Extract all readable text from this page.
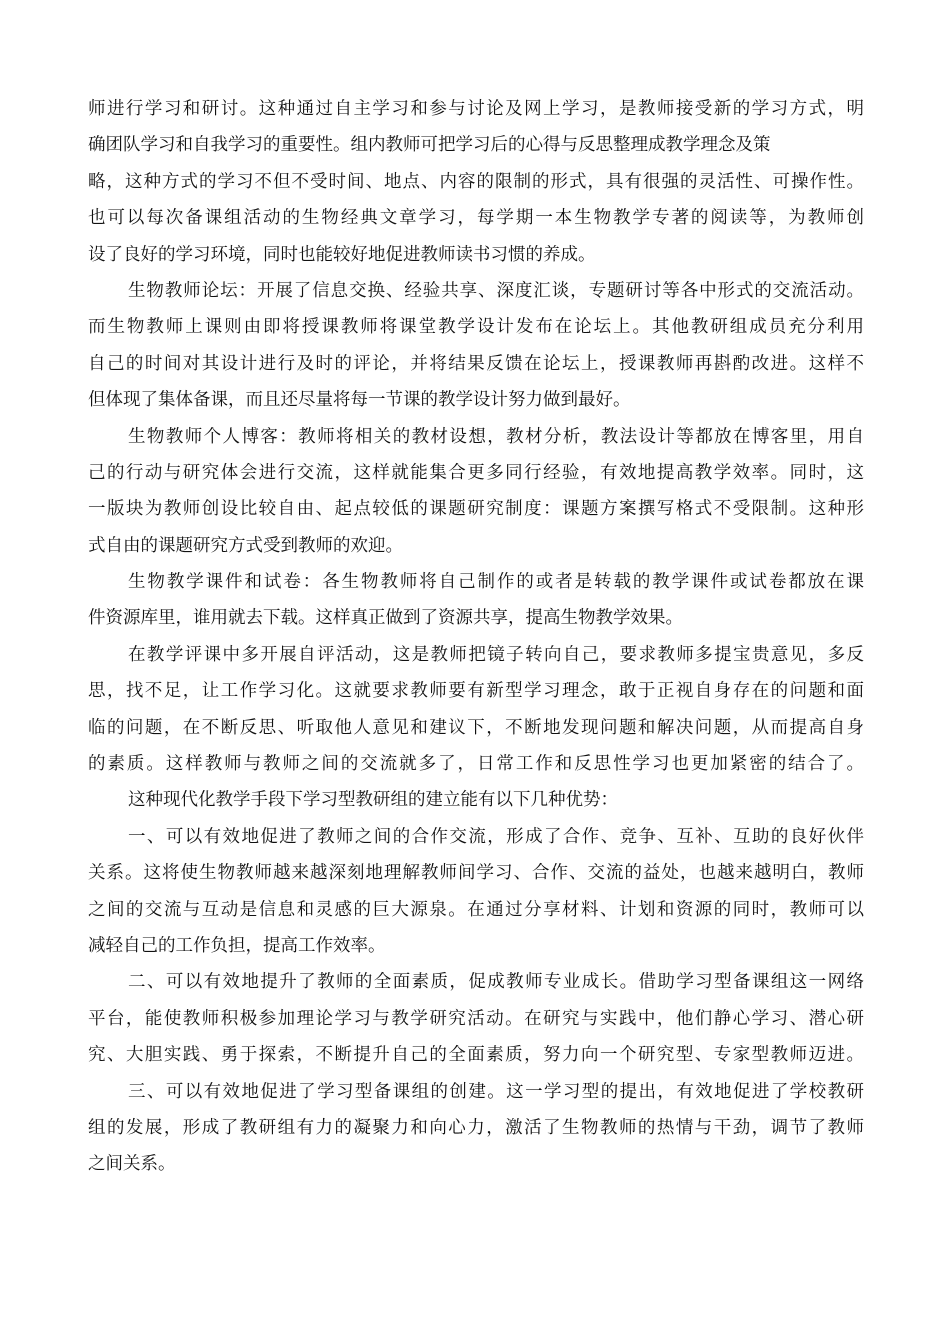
师进行学习和研讨。这种通过自主学习和参与讨论及网上学习，是教师接受新的学习方式，明
确团队学习和自我学习的重要性。组内教师可把学习后的心得与反思整理成教学理念及策
略，这种方式的学习不但不受时间、地点、内容的限制的形式，具有很强的灵活性、可操作性。
也可以每次备课组活动的生物经典文章学习，每学期一本生物教学专著的阅读等，为教师创
设了良好的学习环境，同时也能较好地促进教师读书习惯的养成。
生物教师论坛：开展了信息交换、经验共享、深度汇谈，专题研讨等各中形式的交流活动。
而生物教师上课则由即将授课教师将课堂教学设计发布在论坛上。其他教研组成员充分利用
自己的时间对其设计进行及时的评论，并将结果反馈在论坛上，授课教师再斟酌改进。这样不
但体现了集体备课，而且还尽量将每一节课的教学设计努力做到最好。
生物教师个人博客：教师将相关的教材设想，教材分析，教法设计等都放在博客里，用自
己的行动与研究体会进行交流，这样就能集合更多同行经验，有效地提高教学效率。同时，这
一版块为教师创设比较自由、起点较低的课题研究制度：课题方案撰写格式不受限制。这种形
式自由的课题研究方式受到教师的欢迎。
生物教学课件和试卷：各生物教师将自己制作的或者是转载的教学课件或试卷都放在课
件资源库里，谁用就去下载。这样真正做到了资源共享，提高生物教学效果。
在教学评课中多开展自评活动，这是教师把镜子转向自己，要求教师多提宝贵意见，多反
思，找不足，让工作学习化。这就要求教师要有新型学习理念，敢于正视自身存在的问题和面
临的问题，在不断反思、听取他人意见和建议下，不断地发现问题和解决问题，从而提高自身
的素质。这样教师与教师之间的交流就多了，日常工作和反思性学习也更加紧密的结合了。
这种现代化教学手段下学习型教研组的建立能有以下几种优势：
一、可以有效地促进了教师之间的合作交流，形成了合作、竞争、互补、互助的良好伙伴
关系。这将使生物教师越来越深刻地理解教师间学习、合作、交流的益处，也越来越明白，教师
之间的交流与互动是信息和灵感的巨大源泉。在通过分享材料、计划和资源的同时，教师可以
减轻自己的工作负担，提高工作效率。
二、可以有效地提升了教师的全面素质，促成教师专业成长。借助学习型备课组这一网络
平台，能使教师积极参加理论学习与教学研究活动。在研究与实践中，他们静心学习、潜心研
究、大胆实践、勇于探索，不断提升自己的全面素质，努力向一个研究型、专家型教师迈进。
三、可以有效地促进了学习型备课组的创建。这一学习型的提出，有效地促进了学校教研
组的发展，形成了教研组有力的凝聚力和向心力，激活了生物教师的热情与干劲，调节了教师
之间关系。
